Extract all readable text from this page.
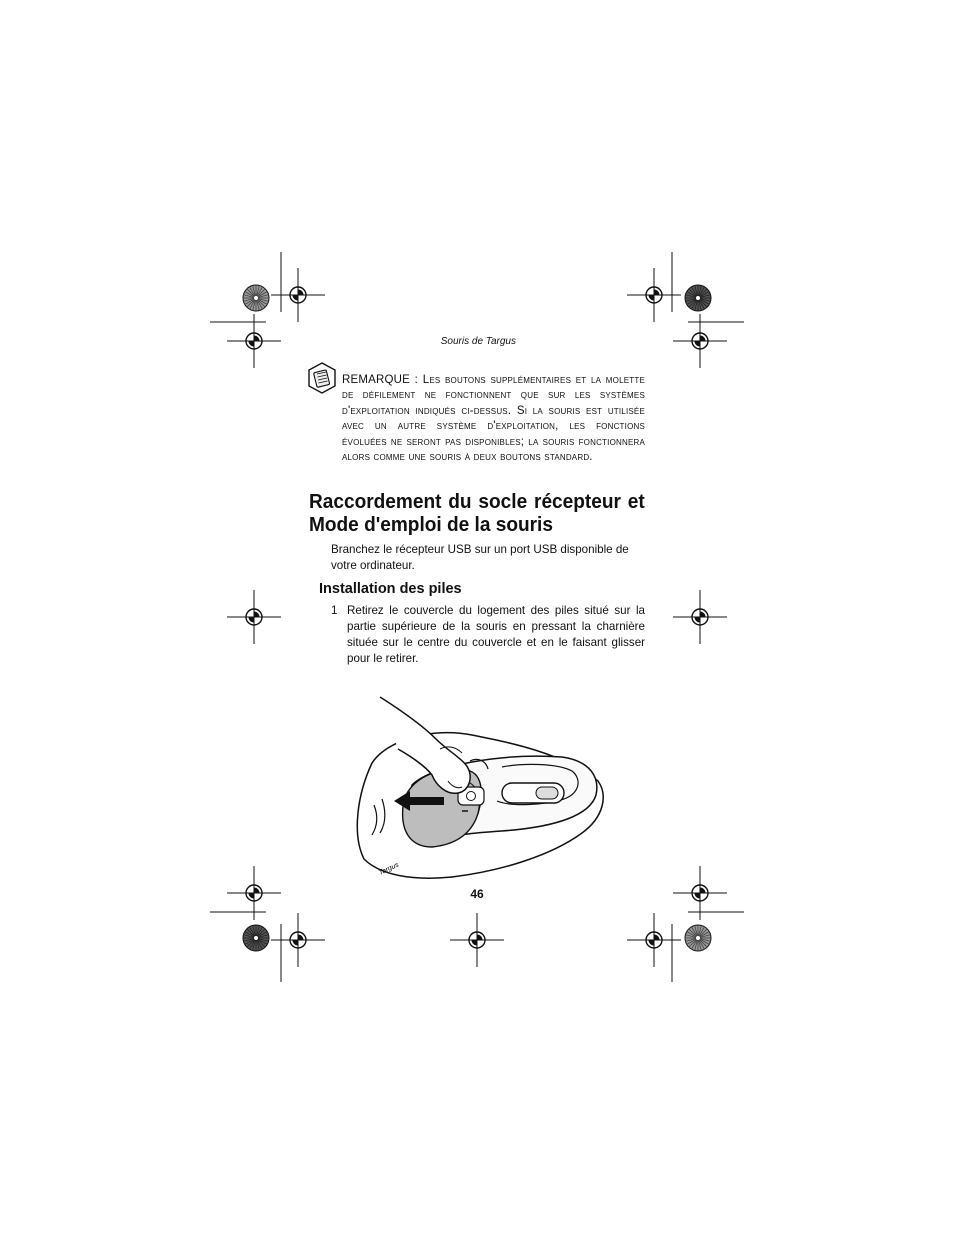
Souris de Targus

REMARQUE : Les boutons supplémentaires et la molette de défilement ne fonctionnent que sur les systèmes d'exploitation indiqués ci-dessus. Si la souris est utilisée avec un autre système d'exploitation, les fonctions évoluées ne seront pas disponibles; la souris fonctionnera alors comme une souris à deux boutons standard.

Raccordement du socle récepteur et Mode d'emploi de la souris

Branchez le récepteur USB sur un port USB disponible de votre ordinateur.

Installation des piles
1 Retirez le couvercle du logement des piles situé sur la partie supérieure de la souris en pressant la charnière située sur le centre du couvercle et en le faisant glisser pour le retirer.
Targus
46
